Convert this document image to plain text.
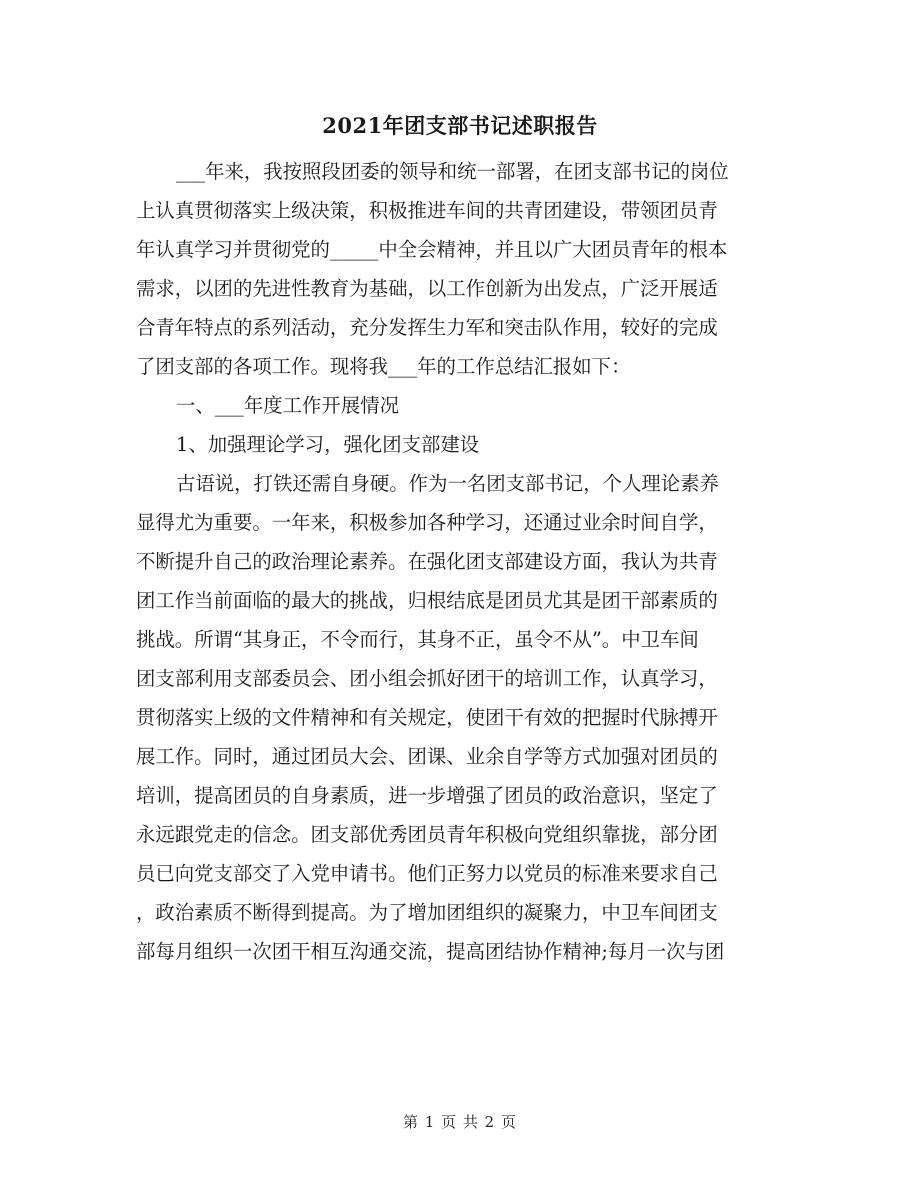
2021年团支部书记述职报告
___年来，我按照段团委的领导和统一部署，在团支部书记的岗位
上认真贯彻落实上级决策，积极推进车间的共青团建设，带领团员青
年认真学习并贯彻党的_____中全会精神，并且以广大团员青年的根本
需求，以团的先进性教育为基础，以工作创新为出发点，广泛开展适
合青年特点的系列活动，充分发挥生力军和突击队作用，较好的完成
了团支部的各项工作。现将我___年的工作总结汇报如下：
一、___年度工作开展情况
1、加强理论学习，强化团支部建设
古语说，打铁还需自身硬。作为一名团支部书记，个人理论素养
显得尤为重要。一年来，积极参加各种学习，还通过业余时间自学，
不断提升自己的政治理论素养。在强化团支部建设方面，我认为共青
团工作当前面临的最大的挑战，归根结底是团员尤其是团干部素质的
挑战。所谓“其身正，不令而行，其身不正，虽令不从”。中卫车间
团支部利用支部委员会、团小组会抓好团干的培训工作，认真学习，
贯彻落实上级的文件精神和有关规定，使团干有效的把握时代脉搏开
展工作。同时，通过团员大会、团课、业余自学等方式加强对团员的
培训，提高团员的自身素质，进一步增强了团员的政治意识，坚定了
永远跟党走的信念。团支部优秀团员青年积极向党组织靠拢，部分团
员已向党支部交了入党申请书。他们正努力以党员的标准来要求自己
，政治素质不断得到提高。为了增加团组织的凝聚力，中卫车间团支
部每月组织一次团干相互沟通交流，提高团结协作精神;每月一次与团
第 1 页 共 2 页
